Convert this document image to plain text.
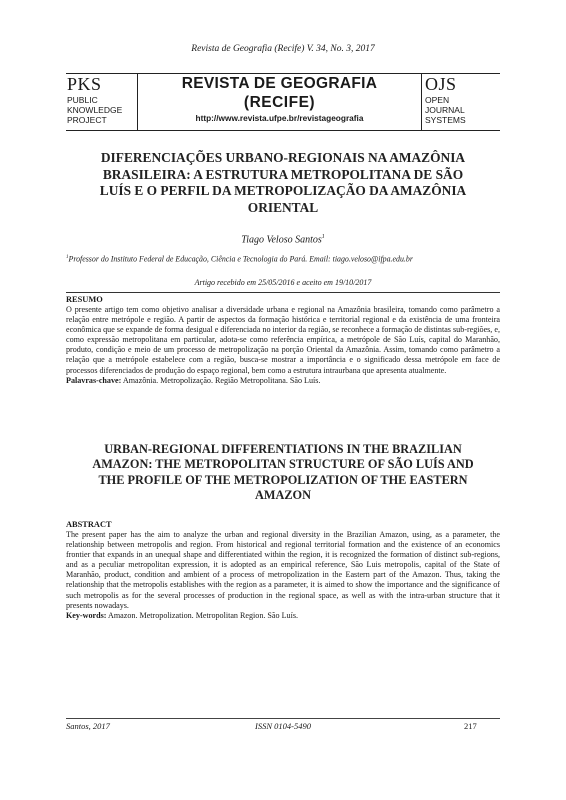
Revista de Geografia (Recife) V. 34, No. 3, 2017
PKS
PUBLIC
KNOWLEDGE
PROJECT
REVISTA DE GEOGRAFIA
(RECIFE)
http://www.revista.ufpe.br/revistageografia
OJS
OPEN
JOURNAL
SYSTEMS
DIFERENCIAÇÕES URBANO-REGIONAIS NA AMAZÔNIA
BRASILEIRA: A ESTRUTURA METROPOLITANA DE SÃO
LUÍS E O PERFIL DA METROPOLIZAÇÃO DA AMAZÔNIA
ORIENTAL
Tiago Veloso Santos$^1$
$^1$Professor do Instituto Federal de Educação, Ciência e Tecnologia do Pará. Email: tiago.veloso@ifpa.edu.br
Artigo recebido em 25/05/2016 e aceito em 19/10/2017
RESUMO
O presente artigo tem como objetivo analisar a diversidade urbana e regional na Amazônia brasileira, tomando como parâmetro a relação entre metrópole e região. A partir de aspectos da formação histórica e territorial regional e da existência de uma fronteira econômica que se expande de forma desigual e diferenciada no interior da região, se reconhece a formação de distintas sub-regiões, e, como expressão metropolitana em particular, adota-se como referência empírica, a metrópole de São Luís, capital do Maranhão, produto, condição e meio de um processo de metropolização na porção Oriental da Amazônia. Assim, tomando como parâmetro a relação que a metrópole estabelece com a região, busca-se mostrar a importância e o significado dessa metrópole em face de processos diferenciados de produção do espaço regional, bem como a estrutura intraurbana que apresenta atualmente.
Palavras-chave: Amazônia. Metropolização. Região Metropolitana. São Luís.
URBAN-REGIONAL DIFFERENTIATIONS IN THE BRAZILIAN
AMAZON: THE METROPOLITAN STRUCTURE OF SÃO LUÍS AND
THE PROFILE OF THE METROPOLIZATION OF THE EASTERN
AMAZON
ABSTRACT
The present paper has the aim to analyze the urban and regional diversity in the Brazilian Amazon, using, as a parameter, the relationship between metropolis and region. From historical and regional territorial formation and the existence of an economics frontier that expands in an unequal shape and differentiated within the region, it is recognized the formation of distinct sub-regions, and as a peculiar metropolitan expression, it is adopted as an empirical reference, São Luis metropolis, capital of the State of Maranhão, product, condition and ambient of a process of metropolization in the Eastern part of the Amazon. Thus, taking the relationship that the metropolis establishes with the region as a parameter, it is aimed to show the importance and the significance of such metropolis as for the several processes of production in the regional space, as well as with the intra-urban structure that it presents nowadays.
Key-words: Amazon. Metropolization. Metropolitan Region. São Luís.
Santos, 2017	ISSN 0104-5490	217
